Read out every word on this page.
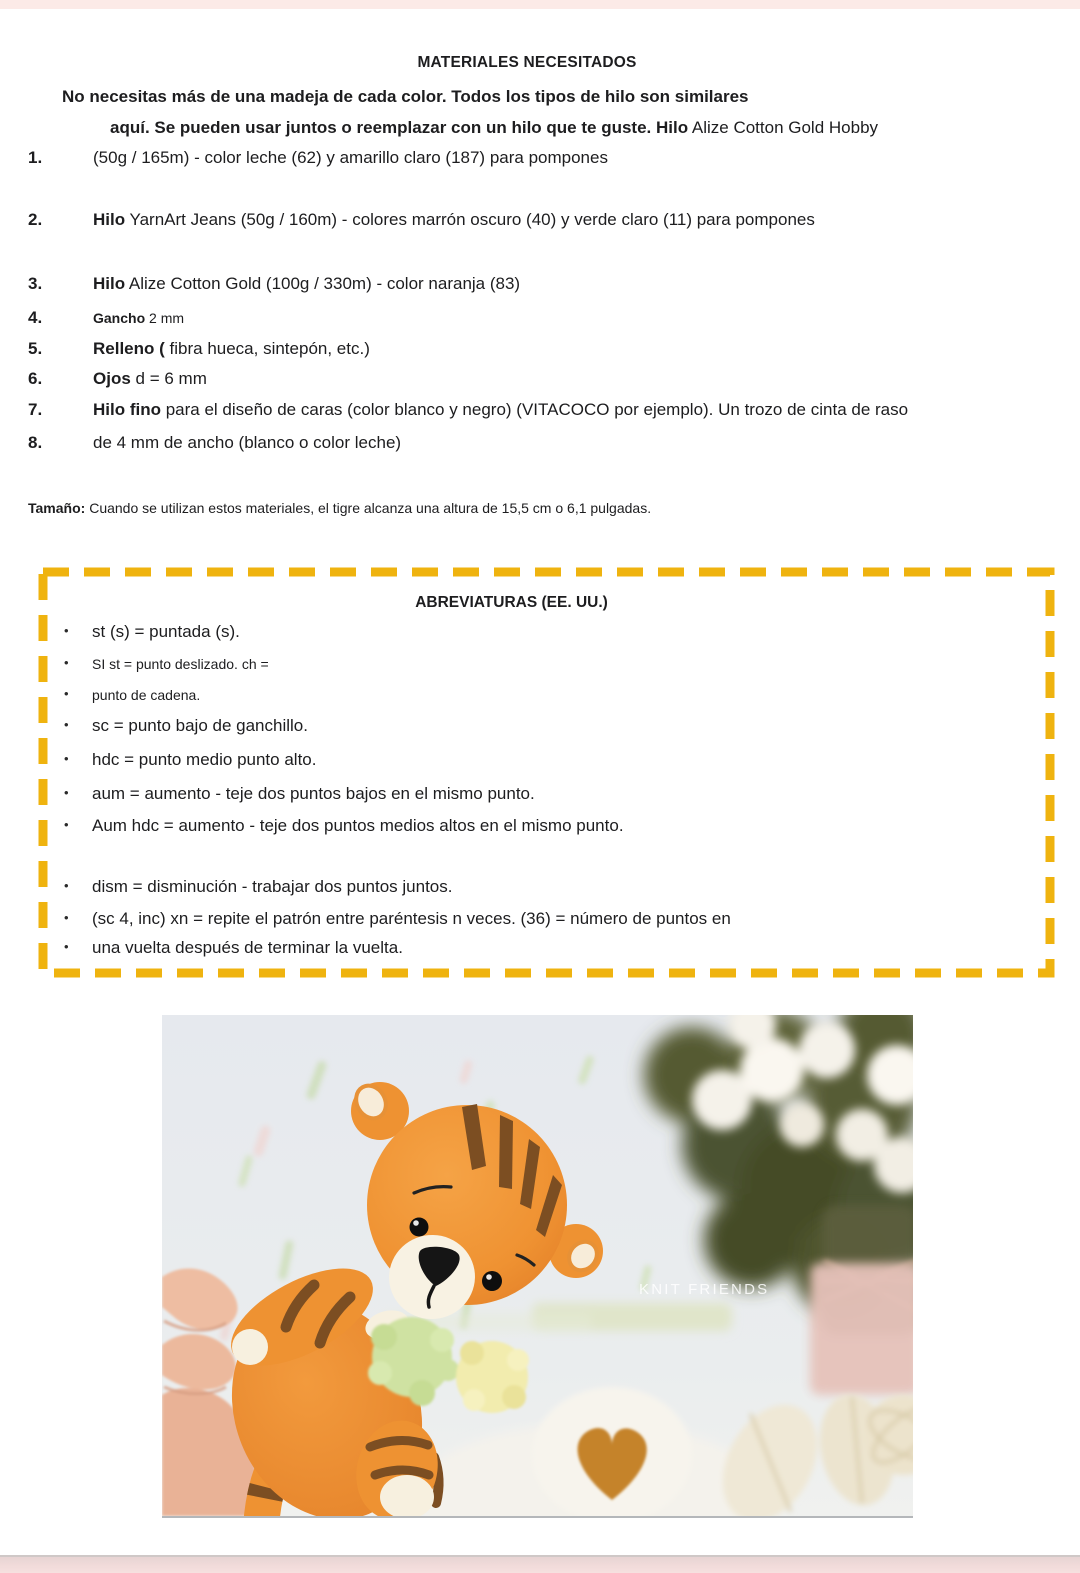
MATERIALES NECESITADOS
No necesitas más de una madeja de cada color. Todos los tipos de hilo son similares
aquí. Se pueden usar juntos o reemplazar con un hilo que te guste. Hilo Alize Cotton Gold Hobby
1.	(50g / 165m) - color leche (62) y amarillo claro (187) para pompones
2.	Hilo YarnArt Jeans (50g / 160m) - colores marrón oscuro (40) y verde claro (11) para pompones
3.	Hilo Alize Cotton Gold (100g / 330m) - color naranja (83)
4.	Gancho 2 mm
5.	Relleno ( fibra hueca, sintepón, etc.)
6.	Ojos d = 6 mm
7.	Hilo fino para el diseño de caras (color blanco y negro) (VITACOCO por ejemplo). Un trozo de cinta de raso
8.	de 4 mm de ancho (blanco o color leche)
Tamaño: Cuando se utilizan estos materiales, el tigre alcanza una altura de 15,5 cm o 6,1 pulgadas.
ABREVIATURAS (EE. UU.)
• st (s) = puntada (s).
• SI st = punto deslizado. ch =
• punto de cadena.
• sc = punto bajo de ganchillo.
• hdc = punto medio punto alto.
• aum = aumento - teje dos puntos bajos en el mismo punto.
• Aum hdc = aumento - teje dos puntos medios altos en el mismo punto.
• dism = disminución - trabajar dos puntos juntos.
• (sc 4, inc) xn = repite el patrón entre paréntesis n veces. (36) = número de puntos en
• una vuelta después de terminar la vuelta.
KNIT FRIENDS
